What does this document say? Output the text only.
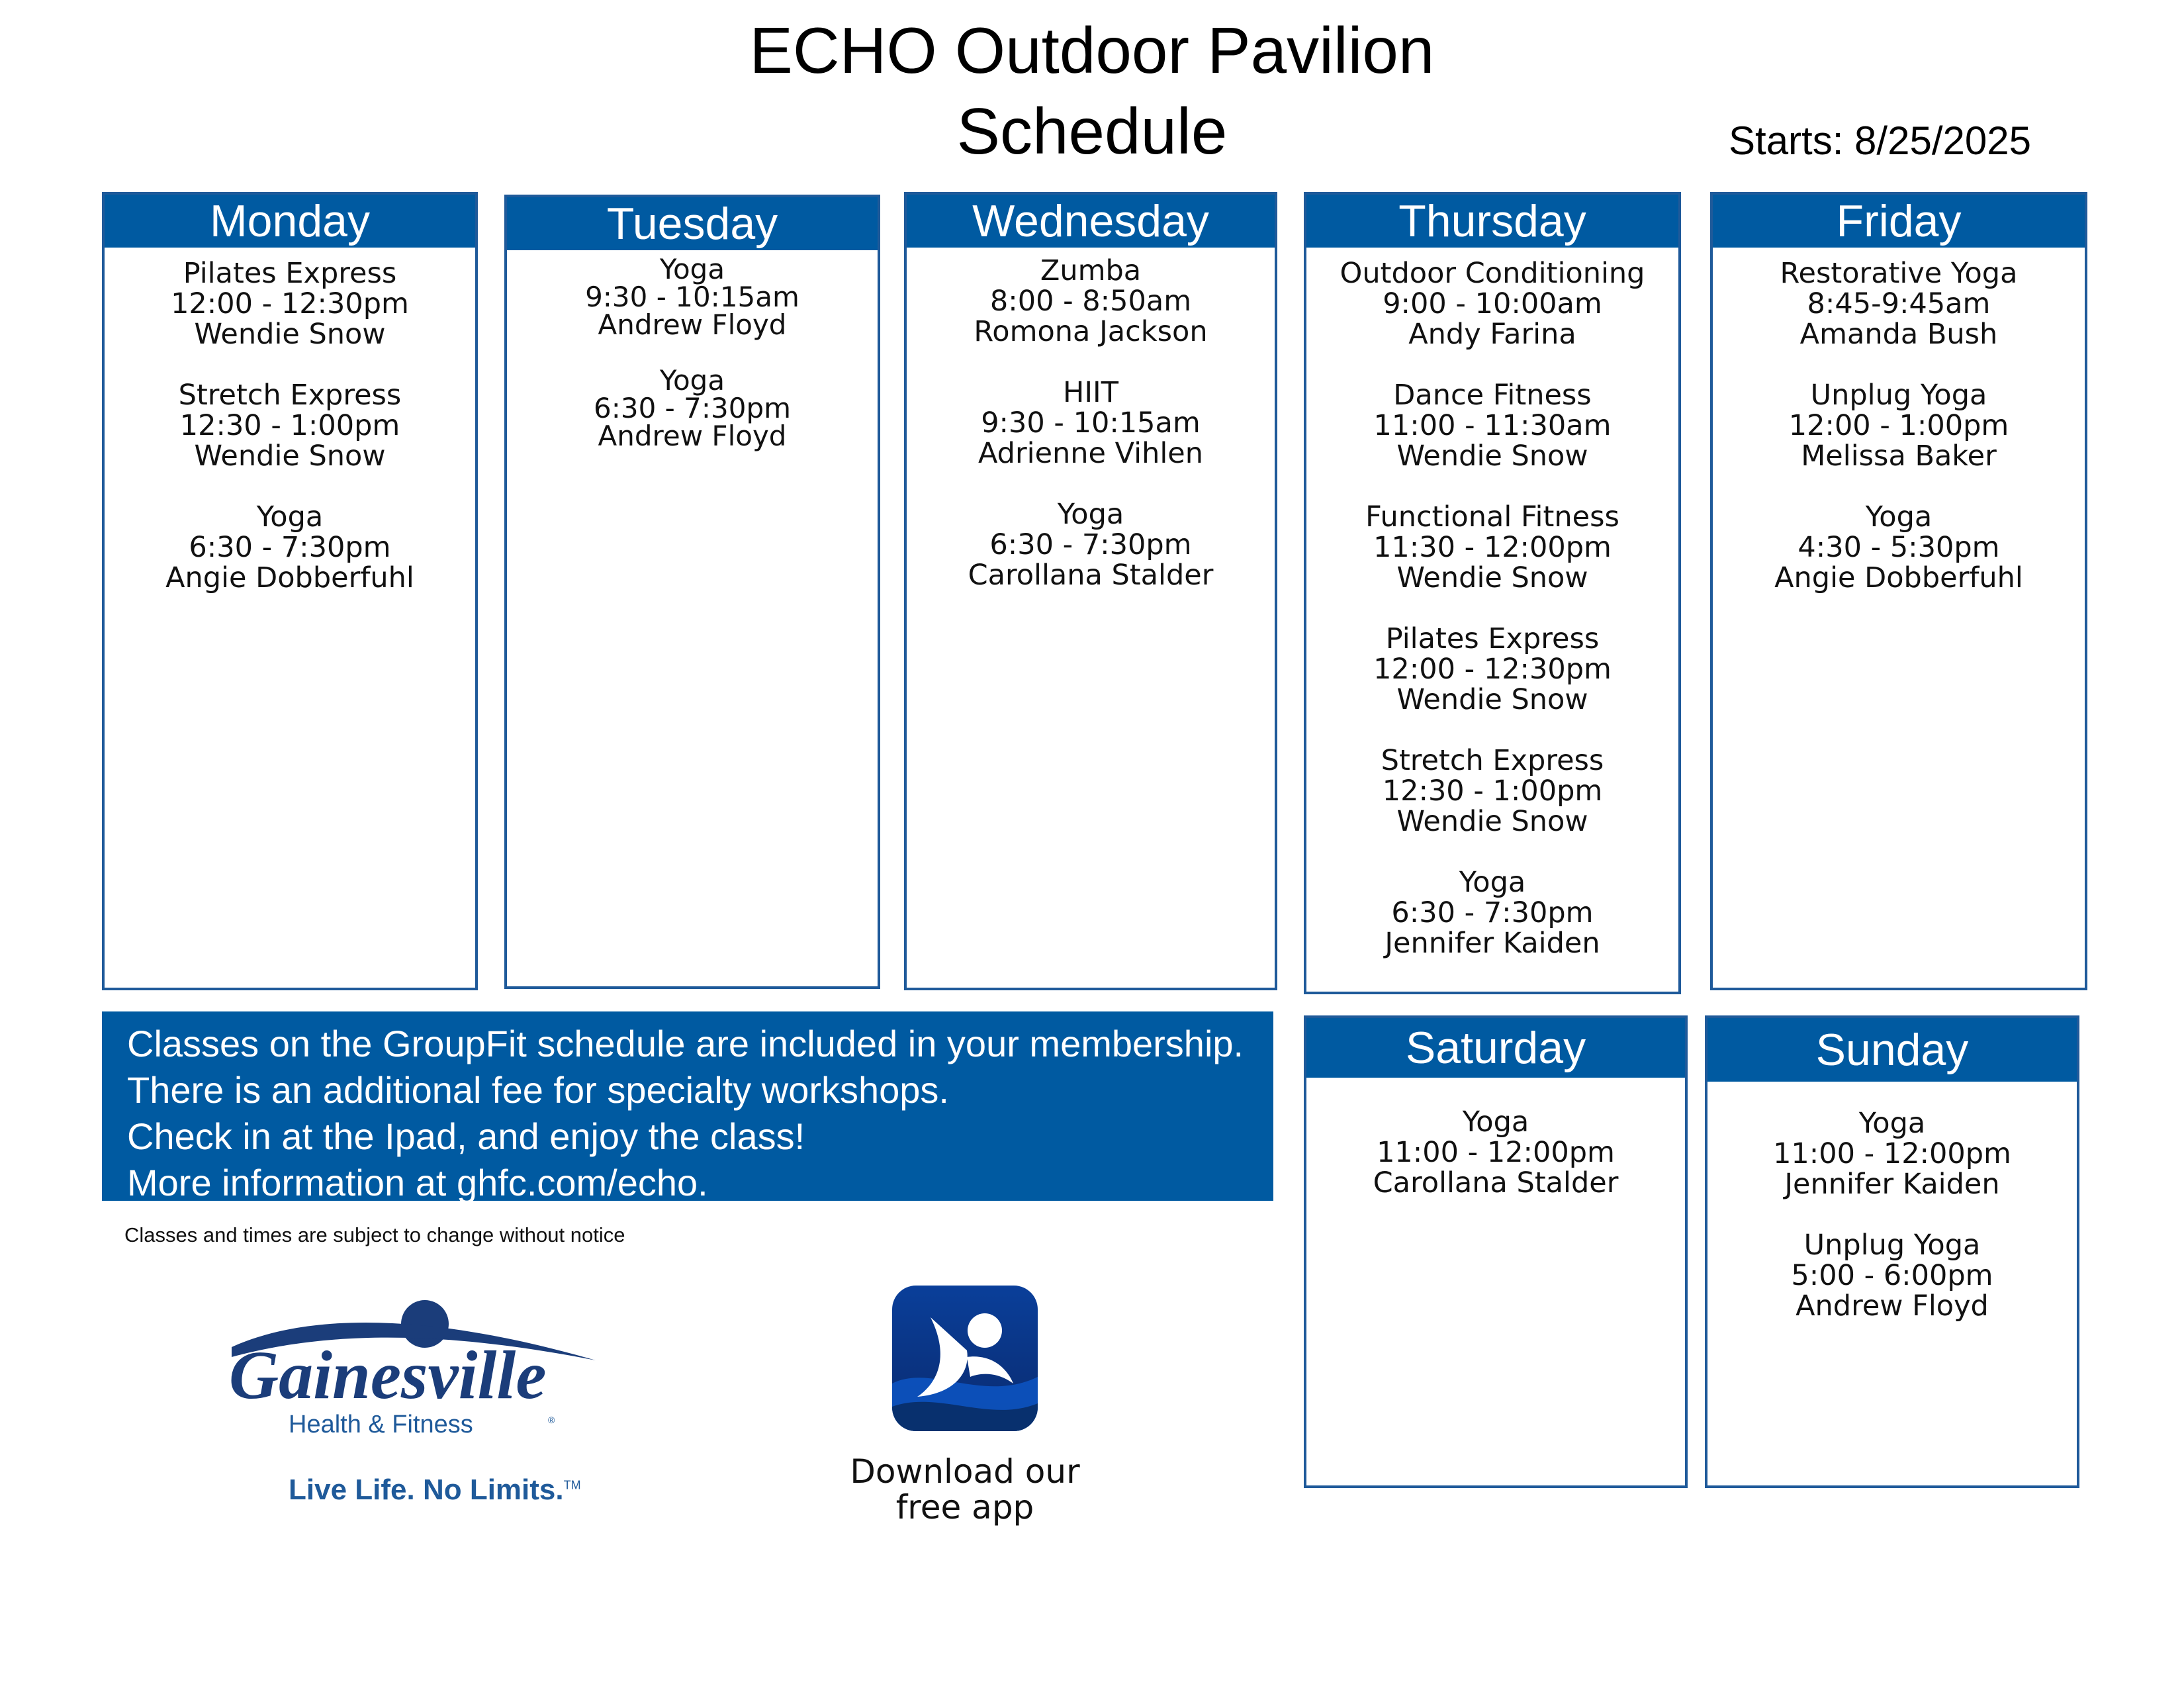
ECHO Outdoor Pavilion
Schedule	Starts: 8/25/2025
Monday
Pilates Express
12:00 - 12:30pm
Wendie Snow
Stretch Express
12:30 - 1:00pm
Wendie Snow
Yoga
6:30 - 7:30pm
Angie Dobberfuhl
Tuesday
Yoga
9:30 - 10:15am
Andrew Floyd
Yoga
6:30 - 7:30pm
Andrew Floyd
Wednesday
Zumba
8:00 - 8:50am
Romona Jackson
HIIT
9:30 - 10:15am
Adrienne Vihlen
Yoga
6:30 - 7:30pm
Carollana Stalder
Thursday
Outdoor Conditioning
9:00 - 10:00am
Andy Farina
Dance Fitness
11:00 - 11:30am
Wendie Snow
Functional Fitness
11:30 - 12:00pm
Wendie Snow
Pilates Express
12:00 - 12:30pm
Wendie Snow
Stretch Express
12:30 - 1:00pm
Wendie Snow
Yoga
6:30 - 7:30pm
Jennifer Kaiden
Friday
Restorative Yoga
8:45-9:45am
Amanda Bush
Unplug Yoga
12:00 - 1:00pm
Melissa Baker
Yoga
4:30 - 5:30pm
Angie Dobberfuhl
Saturday
Yoga
11:00 - 12:00pm
Carollana Stalder
Sunday
Yoga
11:00 - 12:00pm
Jennifer Kaiden
Unplug Yoga
5:00 - 6:00pm
Andrew Floyd
Classes on the GroupFit schedule are included in your membership.
There is an additional fee for specialty workshops.
Check in at the Ipad, and enjoy the class!
More information at ghfc.com/echo.
Classes and times are subject to change without notice
Gainesville
Health & Fitness	®
Live Life. No Limits.™	Download our
free app
